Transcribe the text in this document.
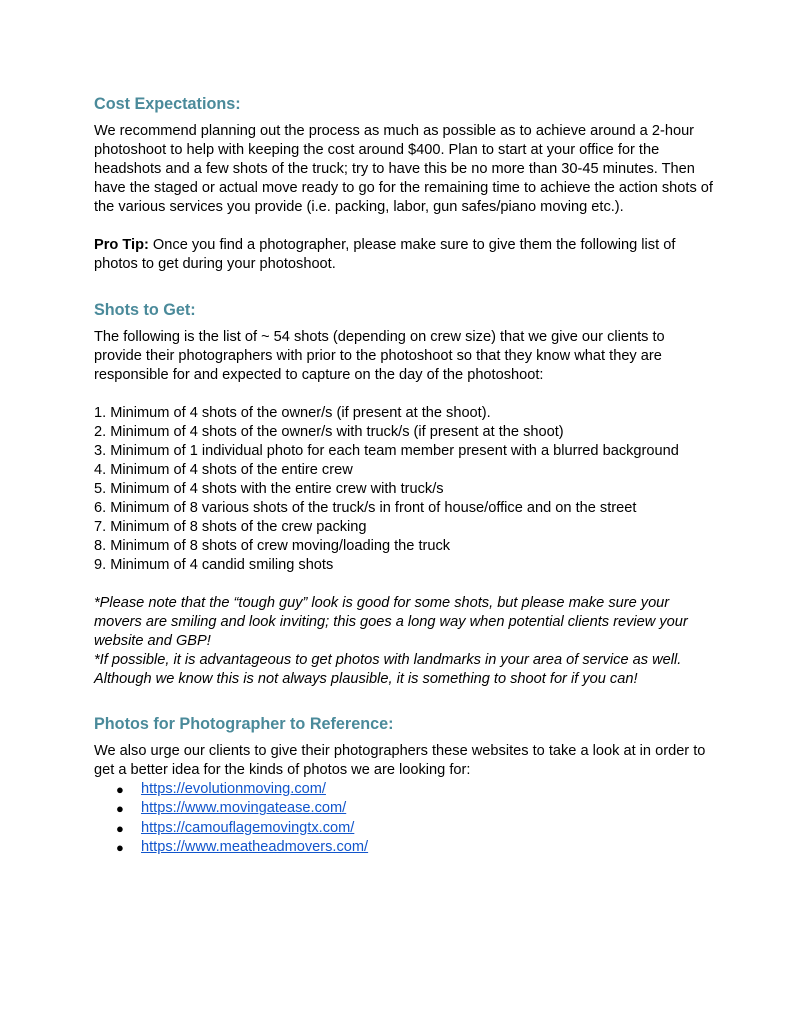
Cost Expectations:

We recommend planning out the process as much as possible as to achieve around a 2-hour photoshoot to help with keeping the cost around $400. Plan to start at your office for the headshots and a few shots of the truck; try to have this be no more than 30-45 minutes. Then have the staged or actual move ready to go for the remaining time to achieve the action shots of the various services you provide (i.e. packing, labor, gun safes/piano moving etc.).

Pro Tip: Once you find a photographer, please make sure to give them the following list of photos to get during your photoshoot.

Shots to Get:

The following is the list of ~ 54 shots (depending on crew size) that we give our clients to provide their photographers with prior to the photoshoot so that they know what they are responsible for and expected to capture on the day of the photoshoot:

1. Minimum of 4 shots of the owner/s (if present at the shoot).

2. Minimum of 4 shots of the owner/s with truck/s (if present at the shoot)

3. Minimum of 1 individual photo for each team member present with a blurred background

4. Minimum of 4 shots of the entire crew

5. Minimum of 4 shots with the entire crew with truck/s

6. Minimum of 8 various shots of the truck/s in front of house/office and on the street

7. Minimum of 8 shots of the crew packing

8. Minimum of 8 shots of crew moving/loading the truck

9. Minimum of 4 candid smiling shots

*Please note that the “tough guy” look is good for some shots, but please make sure your movers are smiling and look inviting; this goes a long way when potential clients review your website and GBP!

*If possible, it is advantageous to get photos with landmarks in your area of service as well. Although we know this is not always plausible, it is something to shoot for if you can!

Photos for Photographer to Reference:

We also urge our clients to give their photographers these websites to take a look at in order to get a better idea for the kinds of photos we are looking for:

● https://evolutionmoving.com/
● https://www.movingatease.com/
● https://camouflagemovingtx.com/
● https://www.meatheadmovers.com/
